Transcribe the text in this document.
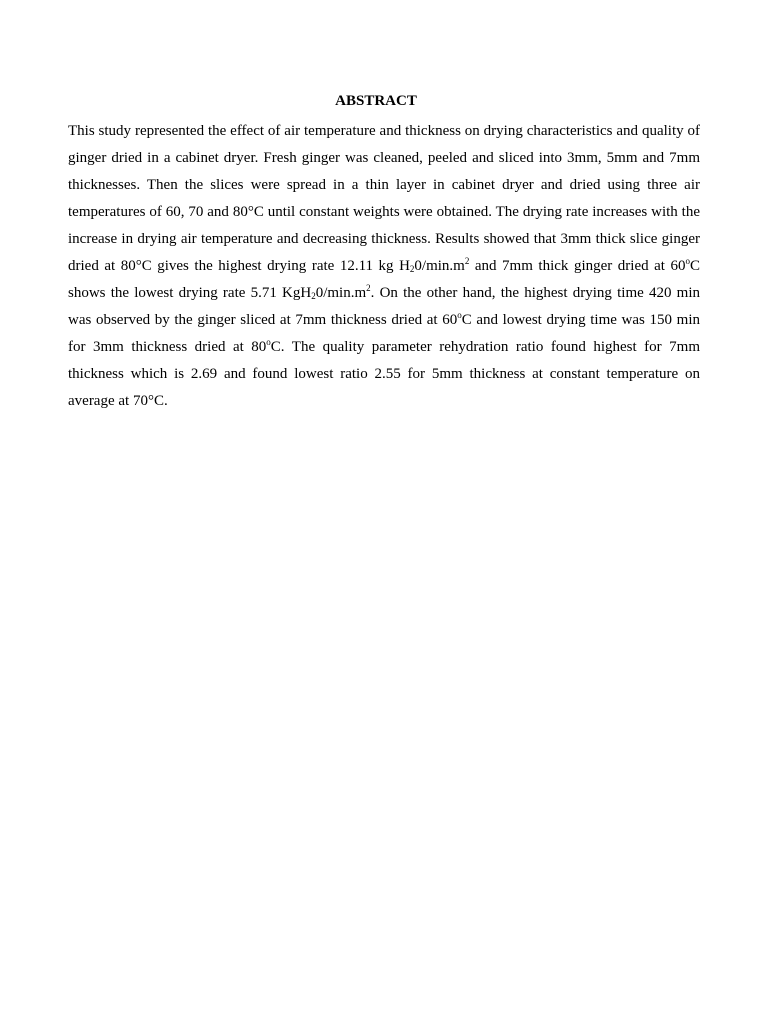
ABSTRACT

This study represented the effect of air temperature and thickness on drying characteristics and quality of ginger dried in a cabinet dryer. Fresh ginger was cleaned, peeled and sliced into 3mm, 5mm and 7mm thicknesses. Then the slices were spread in a thin layer in cabinet dryer and dried using three air temperatures of 60, 70 and 80°C until constant weights were obtained. The drying rate increases with the increase in drying air temperature and decreasing thickness. Results showed that 3mm thick slice ginger dried at 80°C gives the highest drying rate 12.11 kg $H_20/\min.m^2$ and 7mm thick ginger dried at 60$^o$C shows the lowest drying rate 5.71 $KgH_20/\min.m^2$. On the other hand, the highest drying time 420 min was observed by the ginger sliced at 7mm thickness dried at 60$^o$C and lowest drying time was 150 min for 3mm thickness dried at 80$^o$C. The quality parameter rehydration ratio found highest for 7mm thickness which is 2.69 and found lowest ratio 2.55 for 5mm thickness at constant temperature on average at 70°C.
